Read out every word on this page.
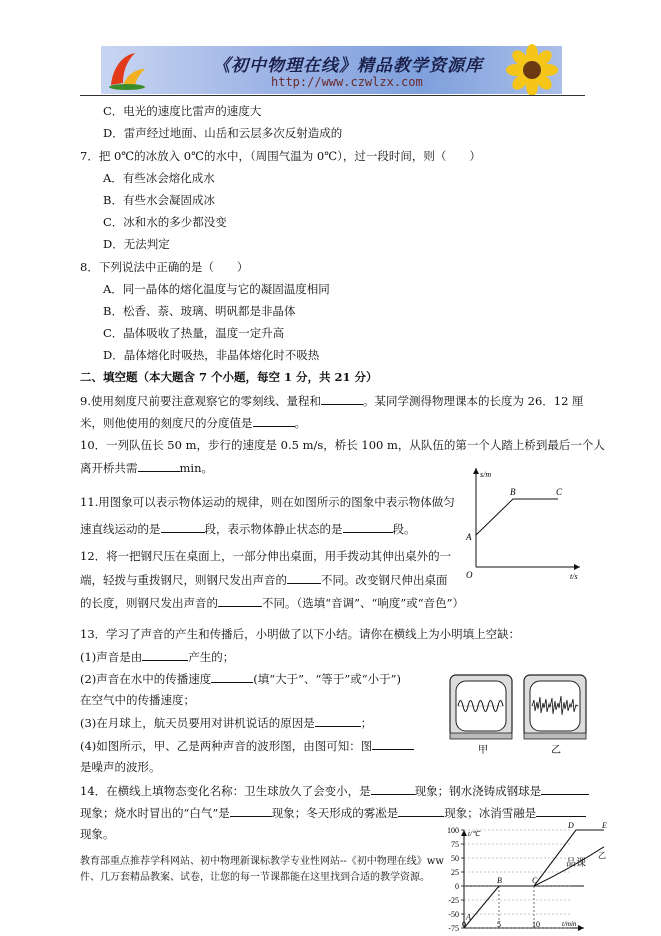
《初中物理在线》精品教学资源库
http://www.czwlzx.com
C．电光的速度比雷声的速度大
D．雷声经过地面、山岳和云层多次反射造成的
7．把 0℃的冰放入 0℃的水中，（周围气温为 0℃），过一段时间，则（　　）
A．有些冰会熔化成水
B．有些水会凝固成冰
C．冰和水的多少都没变
D．无法判定
8．下列说法中正确的是（　　）
A．同一晶体的熔化温度与它的凝固温度相同
B．松香、萘、玻璃、明矾都是非晶体
C．晶体吸收了热量，温度一定升高
D．晶体熔化时吸热，非晶体熔化时不吸热
二、填空题（本大题含 7 个小题，每空 1 分，共 21 分）
9.使用刻度尺前要注意观察它的零刻线、量程和	。某同学测得物理课本的长度为 26．12 厘
米，则他使用的刻度尺的分度值是	。
10．一列队伍长 50 m，步行的速度是 0.5 m/s，桥长 100 m，从队伍的第一个人踏上桥到最后一个人
离开桥共需	min。	s/m
t/s
O
A
B	C
11.用图象可以表示物体运动的规律，则在如图所示的图象中表示物体做匀
速直线运动的是	段，表示物体静止状态的是	段。
12．将一把钢尺压在桌面上，一部分伸出桌面，用手拨动其伸出桌外的一
端，轻拨与重拨钢尺，则钢尺发出声音的	不同。改变钢尺伸出桌面
的长度，则钢尺发出声音的	不同。（选填“音调”、“响度”或“音色”）
13．学习了声音的产生和传播后，小明做了以下小结。请你在横线上为小明填上空缺：
(1)声音是由	产生的；
(2)声音在水中的传播速度	(填“大于”、“等于”或“小于”)
在空气中的传播速度；
(3)在月球上，航天员要用对讲机说话的原因是	；
(4)如图所示，甲、乙是两种声音的波形图，由图可知：图
是噪声的波形。
甲	乙
14．在横线上填物态变化名称：卫生球放久了会变小，是	现象；钢水浇铸成钢球是
现象；烧水时冒出的“白气”是	现象；冬天形成的雾凇是	现象；冰消雪融是
现象。	100
75
50
25
0
-25
-50
-75 0	5	10
t/℃
t/min
A
B	C
D	E
乙
教育部重点推荐学科网站、初中物理新课标教学专业性网站--《初中物理在线》ww	品课
件、几万套精品教案、试卷，让您的每一节课都能在这里找到合适的教学资源。
